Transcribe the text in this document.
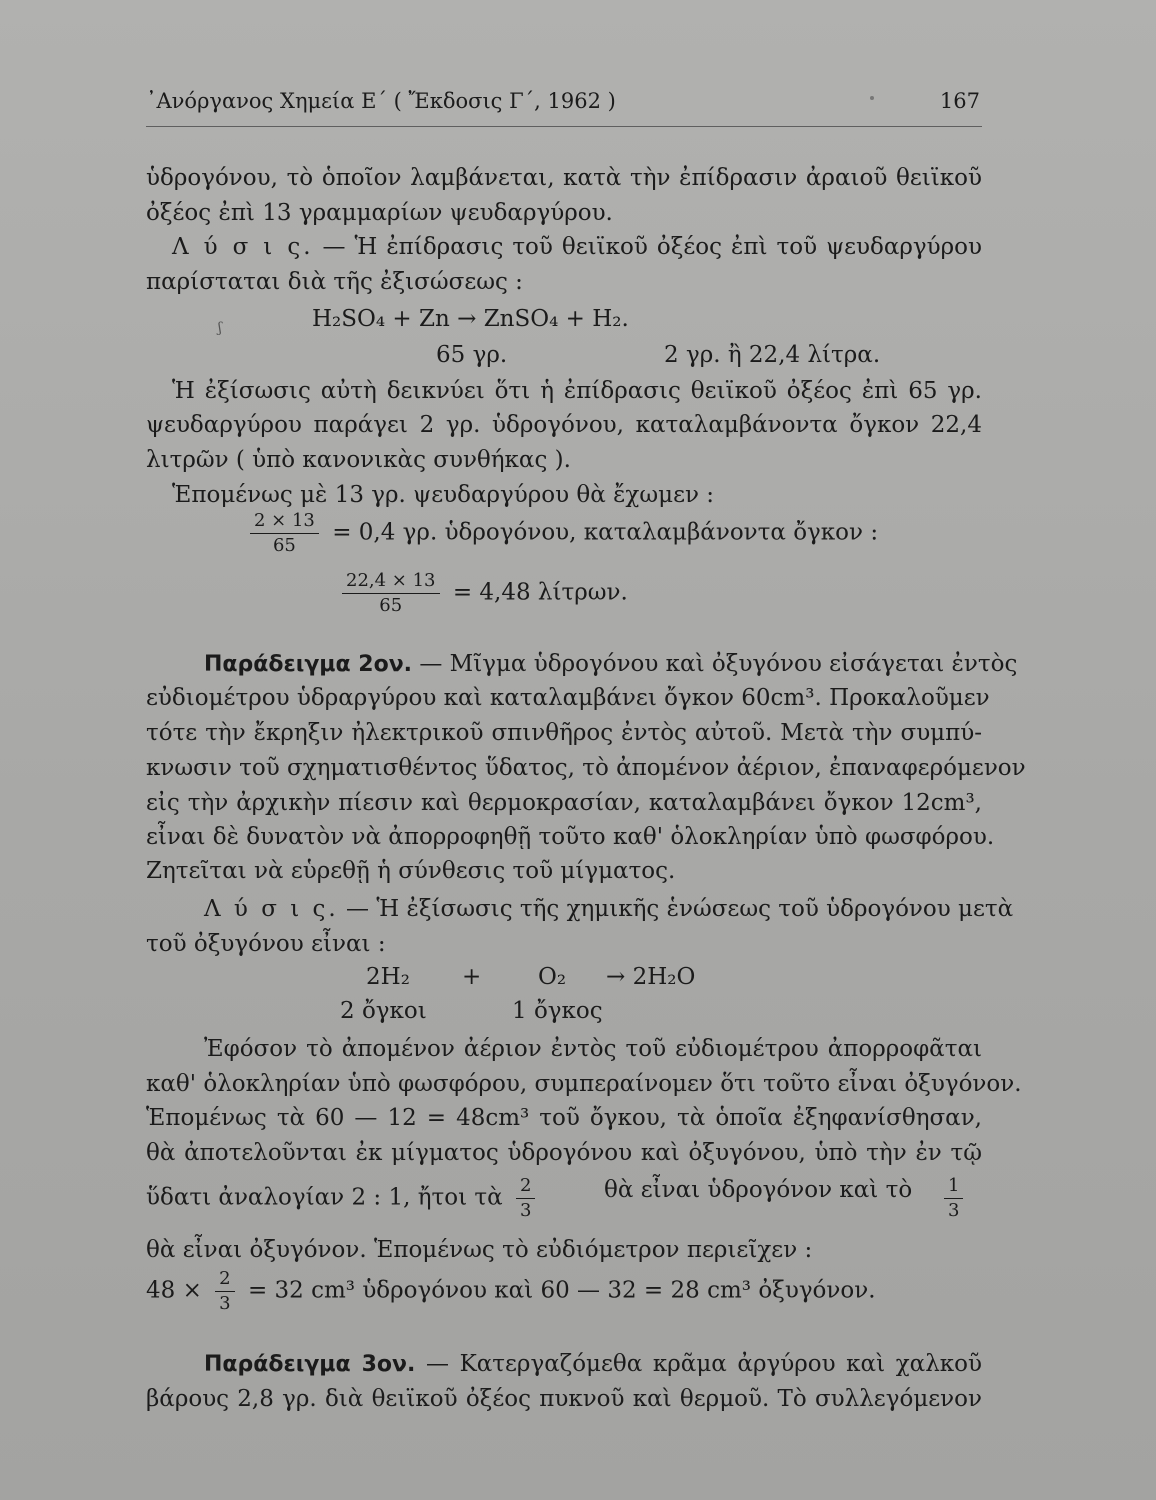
᾿Ανόργανος Χημεία Ε΄ ( Ἔκδοσις Γ΄, 1962 )	167
ὑδρογόνου, τὸ ὁποῖον λαμβάνεται, κατὰ τὴν ἐπίδρασιν ἀραιοῦ θειϊκοῦ
ὀξέος ἐπὶ 13 γραμμαρίων ψευδαργύρου.
Λ ύ σ ι ς. — Ἡ ἐπίδρασις τοῦ θειϊκοῦ ὀξέος ἐπὶ τοῦ ψευδαργύρου
παρίσταται διὰ τῆς ἐξισώσεως :
ʃ	H₂SO₄ + Zn → ZnSO₄ + H₂.
65 γρ.	2 γρ. ἢ 22,4 λίτρα.
Ἡ ἐξίσωσις αὐτὴ δεικνύει ὅτι ἡ ἐπίδρασις θειϊκοῦ ὀξέος ἐπὶ 65 γρ.
ψευδαργύρου παράγει 2 γρ. ὑδρογόνου, καταλαμβάνοντα ὄγκον 22,4
λιτρῶν ( ὑπὸ κανονικὰς συνθήκας ).
Ἑπομένως μὲ 13 γρ. ψευδαργύρου θὰ ἔχωμεν :
$\frac{2 \times 13}{65} = 0,4$ γρ. ὑδρογόνου, καταλαμβάνοντα ὄγκον :
$\frac{22,4 \times 13}{65} = 4,48$ λίτρων.
Παράδειγμα 2ον. — Μῖγμα ὑδρογόνου καὶ ὀξυγόνου εἰσάγεται ἐντὸς
εὐδιομέτρου ὑδραργύρου καὶ καταλαμβάνει ὄγκον 60cm³. Προκαλοῦμεν
τότε τὴν ἔκρηξιν ἠλεκτρικοῦ σπινθῆρος ἐντὸς αὐτοῦ. Μετὰ τὴν συμπύ-
κνωσιν τοῦ σχηματισθέντος ὕδατος, τὸ ἀπομένον ἀέριον, ἐπαναφερόμενον
εἰς τὴν ἀρχικὴν πίεσιν καὶ θερμοκρασίαν, καταλαμβάνει ὄγκον 12cm³,
εἶναι δὲ δυνατὸν νὰ ἀπορροφηθῇ τοῦτο καθ' ὁλοκληρίαν ὑπὸ φωσφόρου.
Ζητεῖται νὰ εὑρεθῇ ἡ σύνθεσις τοῦ μίγματος.
Λ ύ σ ι ς. — Ἡ ἐξίσωσις τῆς χημικῆς ἑνώσεως τοῦ ὑδρογόνου μετὰ
τοῦ ὀξυγόνου εἶναι :
2H₂ + O₂ → 2H₂O
2 ὄγκοι	1 ὄγκος
Ἐφόσον τὸ ἀπομένον ἀέριον ἐντὸς τοῦ εὐδιομέτρου ἀπορροφᾶται
καθ' ὁλοκληρίαν ὑπὸ φωσφόρου, συμπεραίνομεν ὅτι τοῦτο εἶναι ὀξυγόνον.
Ἑπομένως τὰ 60 — 12 = 48cm³ τοῦ ὄγκου, τὰ ὁποῖα ἐξηφανίσθησαν,
θὰ ἀποτελοῦνται ἐκ μίγματος ὑδρογόνου καὶ ὀξυγόνου, ὑπὸ τὴν ἐν τῷ
ὕδατι ἀναλογίαν 2 : 1, ἤτοι τὰ $\frac{2}{3}$	θὰ εἶναι ὑδρογόνον καὶ τὸ $\frac{1}{3}$
θὰ εἶναι ὀξυγόνον. Ἑπομένως τὸ εὐδιόμετρον περιεῖχεν :
$48 \times \frac{2}{3} = 32$ cm³ ὑδρογόνου καὶ 60 — 32 = 28 cm³ ὀξυγόνον.
Παράδειγμα 3ον. — Κατεργαζόμεθα κρᾶμα ἀργύρου καὶ χαλκοῦ
βάρους 2,8 γρ. διὰ θειϊκοῦ ὀξέος πυκνοῦ καὶ θερμοῦ. Τὸ συλλεγόμενον
